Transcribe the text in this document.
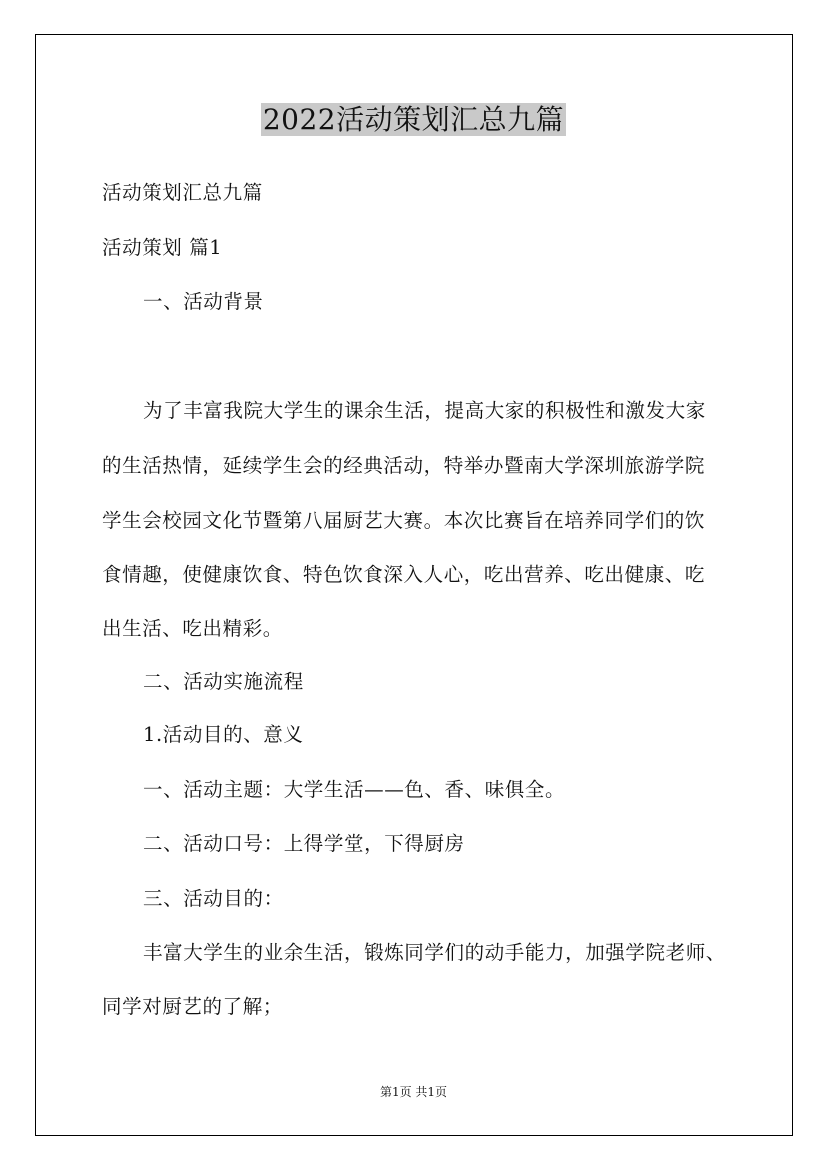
2022活动策划汇总九篇
活动策划汇总九篇
活动策划 篇1
一、活动背景
为了丰富我院大学生的课余生活，提高大家的积极性和激发大家
的生活热情，延续学生会的经典活动，特举办暨南大学深圳旅游学院
学生会校园文化节暨第八届厨艺大赛。本次比赛旨在培养同学们的饮
食情趣，使健康饮食、特色饮食深入人心，吃出营养、吃出健康、吃
出生活、吃出精彩。
二、活动实施流程
1.活动目的、意义
一、活动主题：大学生活——色、香、味俱全。
二、活动口号：上得学堂，下得厨房
三、活动目的：
丰富大学生的业余生活，锻炼同学们的动手能力，加强学院老师、
同学对厨艺的了解；
第1页 共1页
